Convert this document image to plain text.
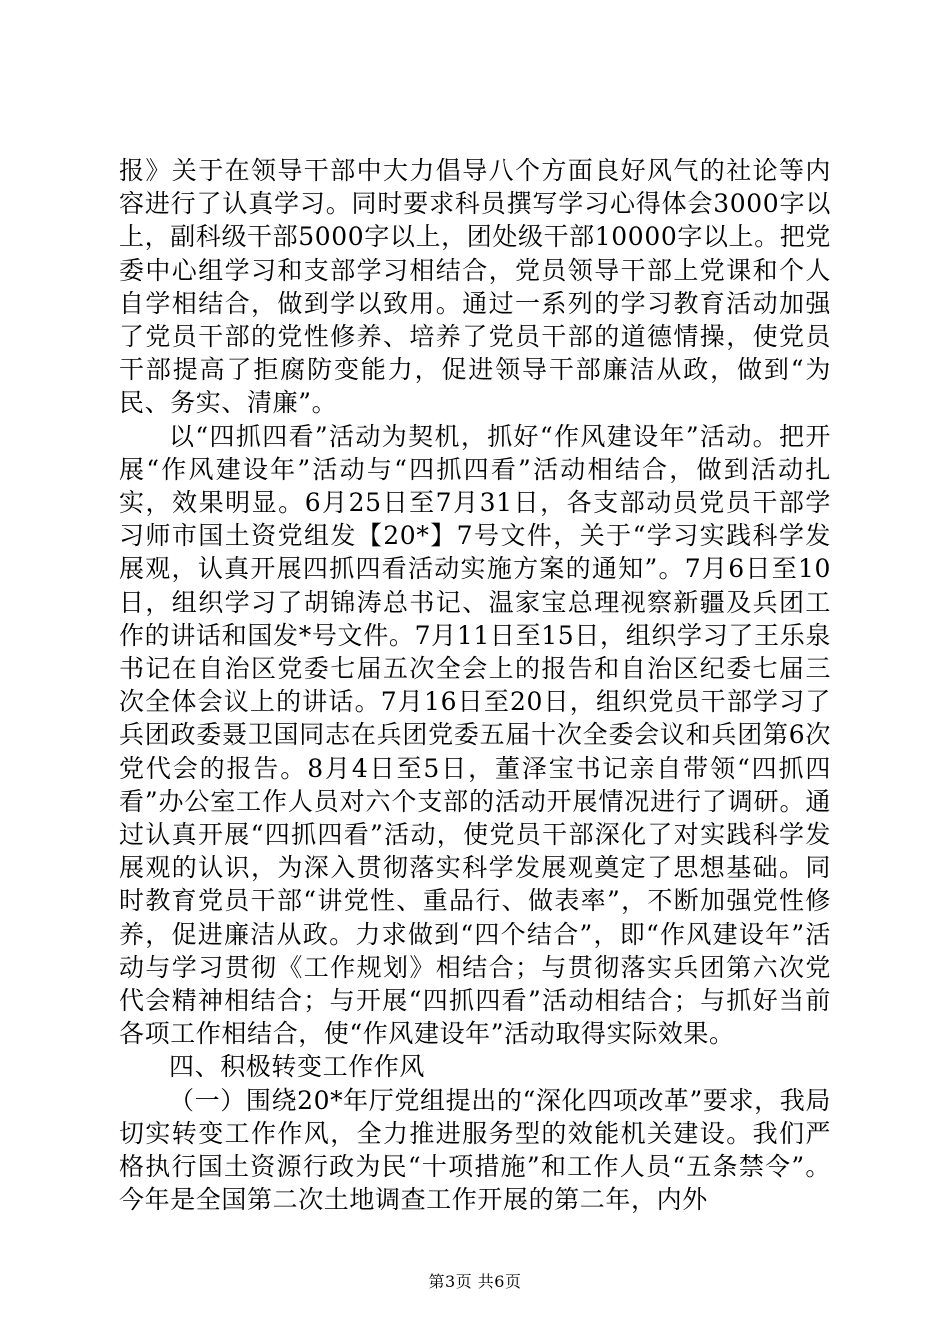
报》关于在领导干部中大力倡导八个方面良好风气的社论等内容进行了认真学习。同时要求科员撰写学习心得体会3000字以上，副科级干部5000字以上，团处级干部10000字以上。把党委中心组学习和支部学习相结合，党员领导干部上党课和个人自学相结合，做到学以致用。通过一系列的学习教育活动加强了党员干部的党性修养、培养了党员干部的道德情操，使党员干部提高了拒腐防变能力，促进领导干部廉洁从政，做到“为民、务实、清廉”。

以“四抓四看”活动为契机，抓好“作风建设年”活动。把开展“作风建设年”活动与“四抓四看”活动相结合，做到活动扎实，效果明显。6月25日至7月31日，各支部动员党员干部学习师市国土资党组发【20*】7号文件，关于“学习实践科学发展观，认真开展四抓四看活动实施方案的通知”。7月6日至10日，组织学习了胡锦涛总书记、温家宝总理视察新疆及兵团工作的讲话和国发*号文件。7月11日至15日，组织学习了王乐泉书记在自治区党委七届五次全会上的报告和自治区纪委七届三次全体会议上的讲话。7月16日至20日，组织党员干部学习了兵团政委聂卫国同志在兵团党委五届十次全委会议和兵团第6次党代会的报告。8月4日至5日，董泽宝书记亲自带领“四抓四看”办公室工作人员对六个支部的活动开展情况进行了调研。通过认真开展“四抓四看”活动，使党员干部深化了对实践科学发展观的认识，为深入贯彻落实科学发展观奠定了思想基础。同时教育党员干部“讲党性、重品行、做表率”，不断加强党性修养，促进廉洁从政。力求做到“四个结合”，即“作风建设年”活动与学习贯彻《工作规划》相结合；与贯彻落实兵团第六次党代会精神相结合；与开展“四抓四看”活动相结合；与抓好当前各项工作相结合，使“作风建设年”活动取得实际效果。

四、积极转变工作作风

（一）围绕20*年厅党组提出的“深化四项改革”要求，我局切实转变工作作风，全力推进服务型的效能机关建设。我们严格执行国土资源行政为民“十项措施”和工作人员“五条禁令”。今年是全国第二次土地调查工作开展的第二年，内外

第3页 共6页
